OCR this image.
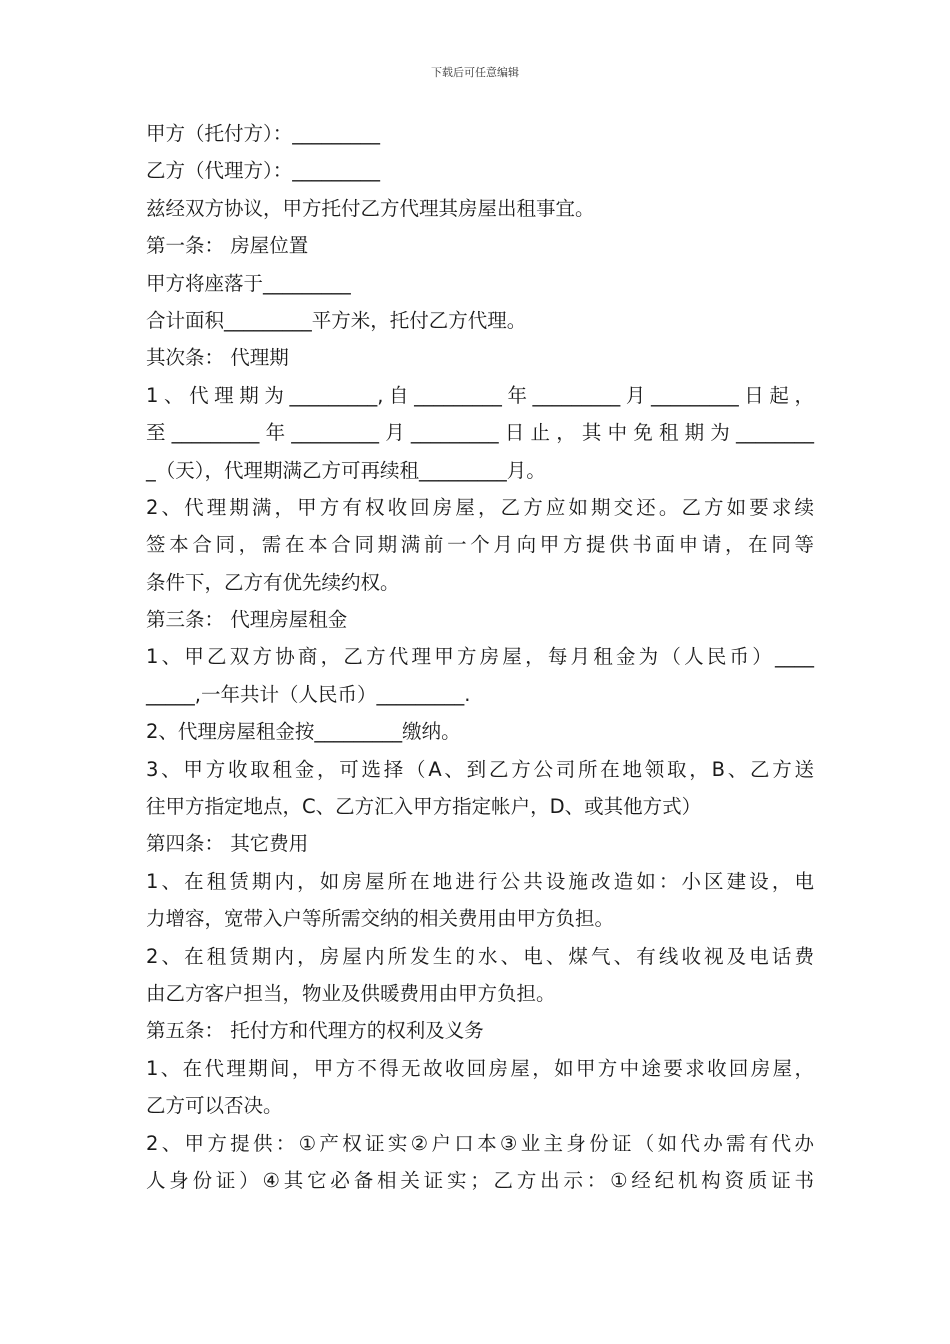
下载后可任意编辑
甲方（托付方）：_________
乙方（代理方）：_________
兹经双方协议，甲方托付乙方代理其房屋出租事宜。
第一条： 房屋位置
甲方将座落于_________
合计面积_________平方米，托付乙方代理。
其次条： 代理期
1、代理期为_________,自_________年_________月_________日起，
至_________年_________月_________日止，其中免租期为________
_（天），代理期满乙方可再续租_________月。
2、代理期满，甲方有权收回房屋，乙方应如期交还。乙方如要求续
签本合同，需在本合同期满前一个月向甲方提供书面申请，在同等
条件下，乙方有优先续约权。
第三条： 代理房屋租金
1、甲乙双方协商，乙方代理甲方房屋，每月租金为（人民币）____
_____,一年共计（人民币）_________.
2、代理房屋租金按_________缴纳。
3、甲方收取租金，可选择（A、到乙方公司所在地领取，B、乙方送
往甲方指定地点，C、乙方汇入甲方指定帐户，D、或其他方式）
第四条： 其它费用
1、在租赁期内，如房屋所在地进行公共设施改造如：小区建设，电
力增容，宽带入户等所需交纳的相关费用由甲方负担。
2、在租赁期内，房屋内所发生的水、电、煤气、有线收视及电话费
由乙方客户担当，物业及供暖费用由甲方负担。
第五条： 托付方和代理方的权利及义务
1、在代理期间，甲方不得无故收回房屋，如甲方中途要求收回房屋，
乙方可以否决。
2、甲方提供：①产权证实②户口本③业主身份证（如代办需有代办
人身份证）④其它必备相关证实；乙方出示：①经纪机构资质证书
